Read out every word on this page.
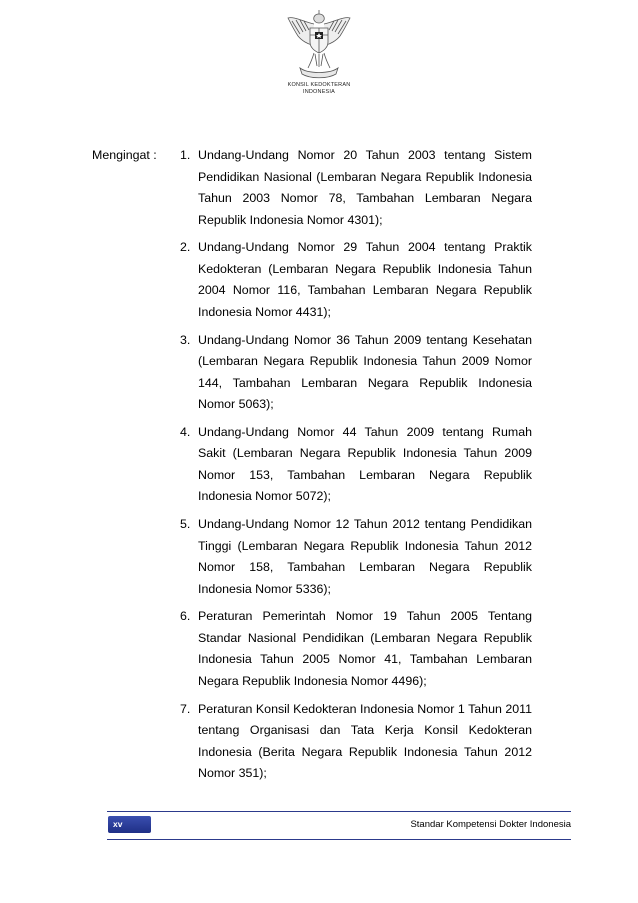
KONSIL KEDOKTERAN
INDONESIA
Mengingat : 1. Undang-Undang Nomor 20 Tahun 2003 tentang Sistem Pendidikan Nasional (Lembaran Negara Republik Indonesia Tahun 2003 Nomor 78, Tambahan Lembaran Negara Republik Indonesia Nomor 4301);
2. Undang-Undang Nomor 29 Tahun 2004 tentang Praktik Kedokteran (Lembaran Negara Republik Indonesia Tahun 2004 Nomor 116, Tambahan Lembaran Negara Republik Indonesia Nomor 4431);
3. Undang-Undang Nomor 36 Tahun 2009 tentang Kesehatan (Lembaran Negara Republik Indonesia Tahun 2009 Nomor 144, Tambahan Lembaran Negara Republik Indonesia Nomor 5063);
4. Undang-Undang Nomor 44 Tahun 2009 tentang Rumah Sakit (Lembaran Negara Republik Indonesia Tahun 2009 Nomor 153, Tambahan Lembaran Negara Republik Indonesia Nomor 5072);
5. Undang-Undang Nomor 12 Tahun 2012 tentang Pendidikan Tinggi (Lembaran Negara Republik Indonesia Tahun 2012 Nomor 158, Tambahan Lembaran Negara Republik Indonesia Nomor 5336);
6. Peraturan Pemerintah Nomor 19 Tahun 2005 Tentang Standar Nasional Pendidikan (Lembaran Negara Republik Indonesia Tahun 2005 Nomor 41, Tambahan Lembaran Negara Republik Indonesia Nomor 4496);
7. Peraturan Konsil Kedokteran Indonesia Nomor 1 Tahun 2011 tentang Organisasi dan Tata Kerja Konsil Kedokteran Indonesia (Berita Negara Republik Indonesia Tahun 2012 Nomor 351);
xv	Standar Kompetensi Dokter Indonesia
